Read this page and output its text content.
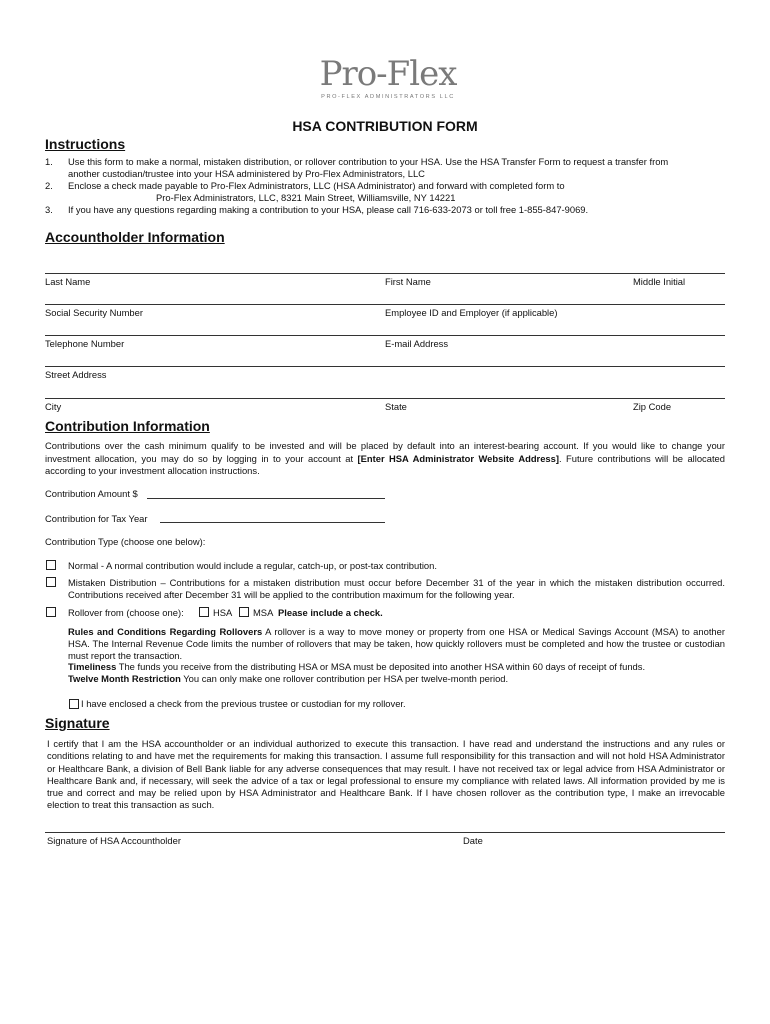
Pro-Flex
PRO-FLEX ADMINISTRATORS LLC
HSA CONTRIBUTION FORM
Instructions
1. Use this form to make a normal, mistaken distribution, or rollover contribution to your HSA. Use the HSA Transfer Form to request a transfer from
another custodian/trustee into your HSA administered by Pro-Flex Administrators, LLC
2. Enclose a check made payable to Pro-Flex Administrators, LLC (HSA Administrator) and forward with completed form to
Pro-Flex Administrators, LLC, 8321 Main Street, Williamsville, NY 14221
3. If you have any questions regarding making a contribution to your HSA, please call 716-633-2073 or toll free 1-855-847-9069.
Accountholder Information
Last Name	First Name	Middle Initial
Social Security Number	Employee ID and Employer (if applicable)
Telephone Number	E-mail Address
Street Address
City	State	Zip Code
Contribution Information
Contributions over the cash minimum qualify to be invested and will be placed by default into an interest-bearing account. If you would like to change your investment allocation, you may do so by logging in to your account at [Enter HSA Administrator Website Address]. Future contributions will be allocated according to your investment allocation instructions.
Contribution Amount $
Contribution for Tax Year
Contribution Type (choose one below):
Normal - A normal contribution would include a regular, catch-up, or post-tax contribution.
Mistaken Distribution – Contributions for a mistaken distribution must occur before December 31 of the year in which the mistaken distribution occurred. Contributions received after December 31 will be applied to the contribution maximum for the following year.
Rollover from (choose one):	HSA MSA Please include a check.
Rules and Conditions Regarding Rollovers A rollover is a way to move money or property from one HSA or Medical Savings Account (MSA) to another HSA. The Internal Revenue Code limits the number of rollovers that may be taken, how quickly rollovers must be completed and how the trustee or custodian must report the transaction.
Timeliness The funds you receive from the distributing HSA or MSA must be deposited into another HSA within 60 days of receipt of funds.
Twelve Month Restriction You can only make one rollover contribution per HSA per twelve-month period.
I have enclosed a check from the previous trustee or custodian for my rollover.
Signature
I certify that I am the HSA accountholder or an individual authorized to execute this transaction. I have read and understand the instructions and any rules or conditions relating to and have met the requirements for making this transaction. I assume full responsibility for this transaction and will not hold HSA Administrator or Healthcare Bank, a division of Bell Bank liable for any adverse consequences that may result. I have not received tax or legal advice from HSA Administrator or Healthcare Bank and, if necessary, will seek the advice of a tax or legal professional to ensure my compliance with related laws. All information provided by me is true and correct and may be relied upon by HSA Administrator and Healthcare Bank. If I have chosen rollover as the contribution type, I make an irrevocable election to treat this transaction as such.
Signature of HSA Accountholder	Date
